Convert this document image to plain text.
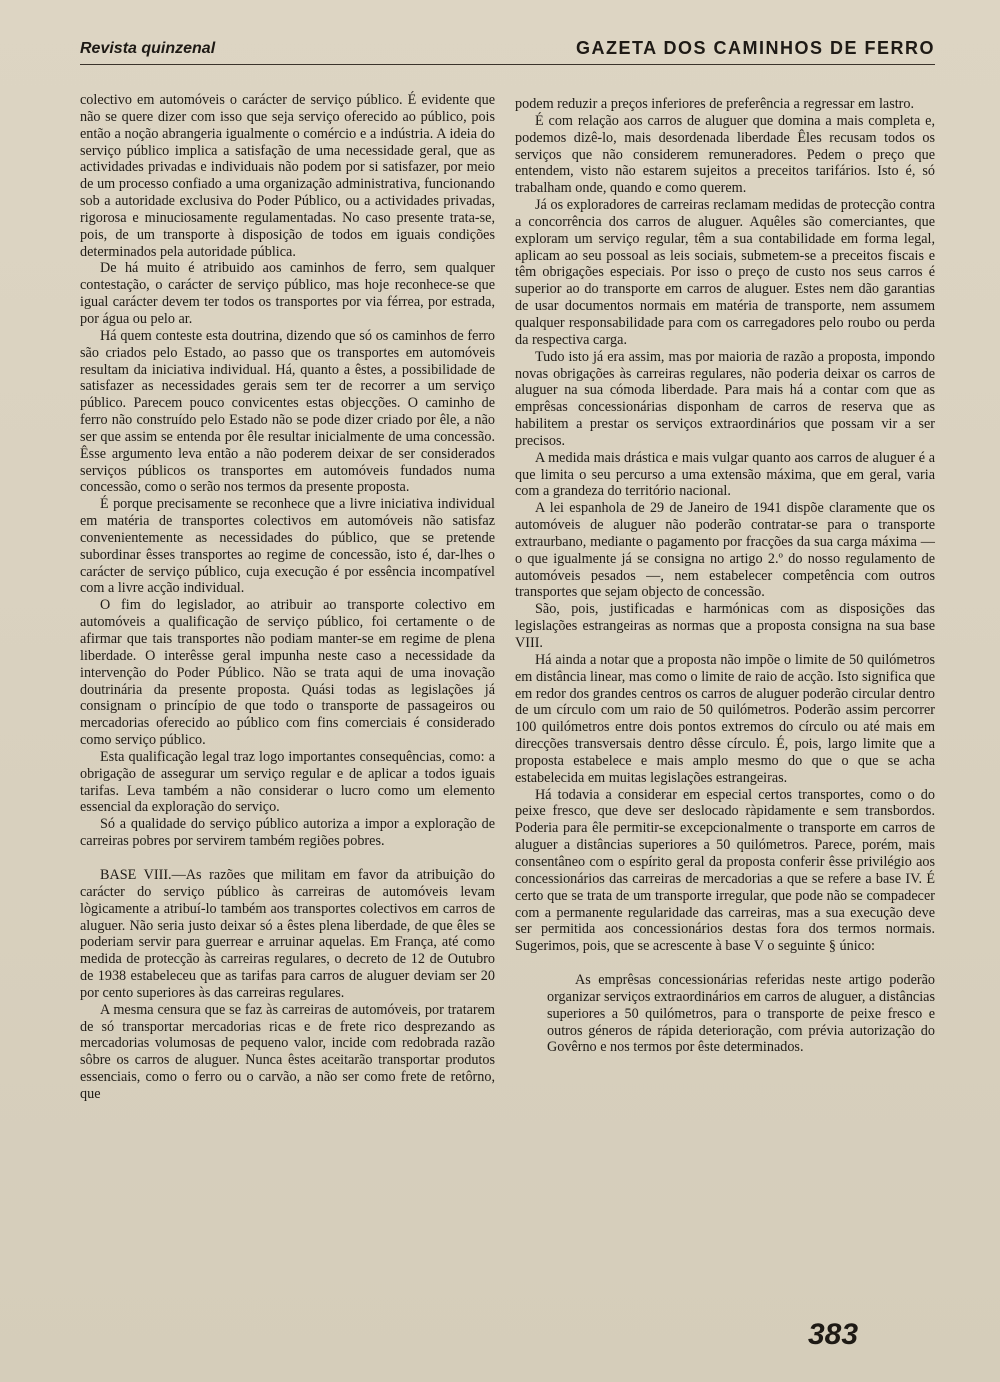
Revista quinzenal	GAZETA DOS CAMINHOS DE FERRO

colectivo em automóveis o carácter de serviço público. É evidente que não se quere dizer com isso que seja serviço oferecido ao público, pois então a noção abrangeria igualmente o comércio e a indústria. A ideia do serviço público implica a satisfação de uma necessidade geral, que as actividades privadas e individuais não podem por si satisfazer, por meio de um processo confiado a uma organização administrativa, funcionando sob a autoridade exclusiva do Poder Público, ou a actividades privadas, rigorosa e minuciosamente regulamentadas. No caso presente trata-se, pois, de um transporte à disposição de todos em iguais condições determinados pela autoridade pública.

De há muito é atribuido aos caminhos de ferro, sem qualquer contestação, o carácter de serviço público, mas hoje reconhece-se que igual carácter devem ter todos os transportes por via férrea, por estrada, por água ou pelo ar.

Há quem conteste esta doutrina, dizendo que só os caminhos de ferro são criados pelo Estado, ao passo que os transportes em automóveis resultam da iniciativa individual. Há, quanto a êstes, a possibilidade de satisfazer as necessidades gerais sem ter de recorrer a um serviço público. Parecem pouco convicentes estas objecções. O caminho de ferro não construído pelo Estado não se pode dizer criado por êle, a não ser que assim se entenda por êle resultar inicialmente de uma concessão. Êsse argumento leva então a não poderem deixar de ser considerados serviços públicos os transportes em automóveis fundados numa concessão, como o serão nos termos da presente proposta.

É porque precisamente se reconhece que a livre iniciativa individual em matéria de transportes colectivos em automóveis não satisfaz convenientemente as necessidades do público, que se pretende subordinar êsses transportes ao regime de concessão, isto é, dar-lhes o carácter de serviço público, cuja execução é por essência incompatível com a livre acção individual.

O fim do legislador, ao atribuir ao transporte colectivo em automóveis a qualificação de serviço público, foi certamente o de afirmar que tais transportes não podiam manter-se em regime de plena liberdade. O interêsse geral impunha neste caso a necessidade da intervenção do Poder Público. Não se trata aqui de uma inovação doutrinária da presente proposta. Quási todas as legislações já consignam o princípio de que todo o transporte de passageiros ou mercadorias oferecido ao público com fins comerciais é considerado como serviço público.

Esta qualificação legal traz logo importantes consequências, como: a obrigação de assegurar um serviço regular e de aplicar a todos iguais tarifas. Leva também a não considerar o lucro como um elemento essencial da exploração do serviço.

Só a qualidade do serviço público autoriza a impor a exploração de carreiras pobres por servirem também regiões pobres.

BASE VIII.—As razões que militam em favor da atribuição do carácter do serviço público às carreiras de automóveis levam lògicamente a atribuí-lo também aos transportes colectivos em carros de aluguer. Não seria justo deixar só a êstes plena liberdade, de que êles se poderiam servir para guerrear e arruinar aquelas. Em França, até como medida de protecção às carreiras regulares, o decreto de 12 de Outubro de 1938 estabeleceu que as tarifas para carros de aluguer deviam ser 20 por cento superiores às das carreiras regulares.

A mesma censura que se faz às carreiras de automóveis, por tratarem de só transportar mercadorias ricas e de frete rico desprezando as mercadorias volumosas de pequeno valor, incide com redobrada razão sôbre os carros de aluguer. Nunca êstes aceitarão transportar produtos essenciais, como o ferro ou o carvão, a não ser como frete de retôrno, que

podem reduzir a preços inferiores de preferência a regressar em lastro.

É com relação aos carros de aluguer que domina a mais completa e, podemos dizê-lo, mais desordenada liberdade Êles recusam todos os serviços que não considerem remuneradores. Pedem o preço que entendem, visto não estarem sujeitos a preceitos tarifários. Isto é, só trabalham onde, quando e como querem.

Já os exploradores de carreiras reclamam medidas de protecção contra a concorrência dos carros de aluguer. Aquêles são comerciantes, que exploram um serviço regular, têm a sua contabilidade em forma legal, aplicam ao seu possoal as leis sociais, submetem-se a preceitos fiscais e têm obrigações especiais. Por isso o preço de custo nos seus carros é superior ao do transporte em carros de aluguer. Estes nem dão garantias de usar documentos normais em matéria de transporte, nem assumem qualquer responsabilidade para com os carregadores pelo roubo ou perda da respectiva carga.

Tudo isto já era assim, mas por maioria de razão a proposta, impondo novas obrigações às carreiras regulares, não poderia deixar os carros de aluguer na sua cómoda liberdade. Para mais há a contar com que as emprêsas concessionárias disponham de carros de reserva que as habilitem a prestar os serviços extraordinários que possam vir a ser precisos.

A medida mais drástica e mais vulgar quanto aos carros de aluguer é a que limita o seu percurso a uma extensão máxima, que em geral, varia com a grandeza do território nacional.

A lei espanhola de 29 de Janeiro de 1941 dispõe claramente que os automóveis de aluguer não poderão contratar-se para o transporte extraurbano, mediante o pagamento por fracções da sua carga máxima — o que igualmente já se consigna no artigo 2.º do nosso regulamento de automóveis pesados —, nem estabelecer competência com outros transportes que sejam objecto de concessão.

São, pois, justificadas e harmónicas com as disposições das legislações estrangeiras as normas que a proposta consigna na sua base VIII.

Há ainda a notar que a proposta não impõe o limite de 50 quilómetros em distância linear, mas como o limite de raio de acção. Isto significa que em redor dos grandes centros os carros de aluguer poderão circular dentro de um círculo com um raio de 50 quilómetros. Poderão assim percorrer 100 quilómetros entre dois pontos extremos do círculo ou até mais em direcções transversais dentro dêsse círculo. É, pois, largo limite que a proposta estabelece e mais amplo mesmo do que o que se acha estabelecida em muitas legislações estrangeiras.

Há todavia a considerar em especial certos transportes, como o do peixe fresco, que deve ser deslocado ràpidamente e sem transbordos. Poderia para êle permitir-se excepcionalmente o transporte em carros de aluguer a distâncias superiores a 50 quilómetros. Parece, porém, mais consentâneo com o espírito geral da proposta conferir êsse privilégio aos concessionários das carreiras de mercadorias a que se refere a base IV. É certo que se trata de um transporte irregular, que pode não se compadecer com a permanente regularidade das carreiras, mas a sua execução deve ser permitida aos concessionários destas fora dos termos normais. Sugerimos, pois, que se acrescente à base V o seguinte § único:

As emprêsas concessionárias referidas neste artigo poderão organizar serviços extraordinários em carros de aluguer, a distâncias superiores a 50 quilómetros, para o transporte de peixe fresco e outros géneros de rápida deterioração, com prévia autorização do Govêrno e nos termos por êste determinados.

383
